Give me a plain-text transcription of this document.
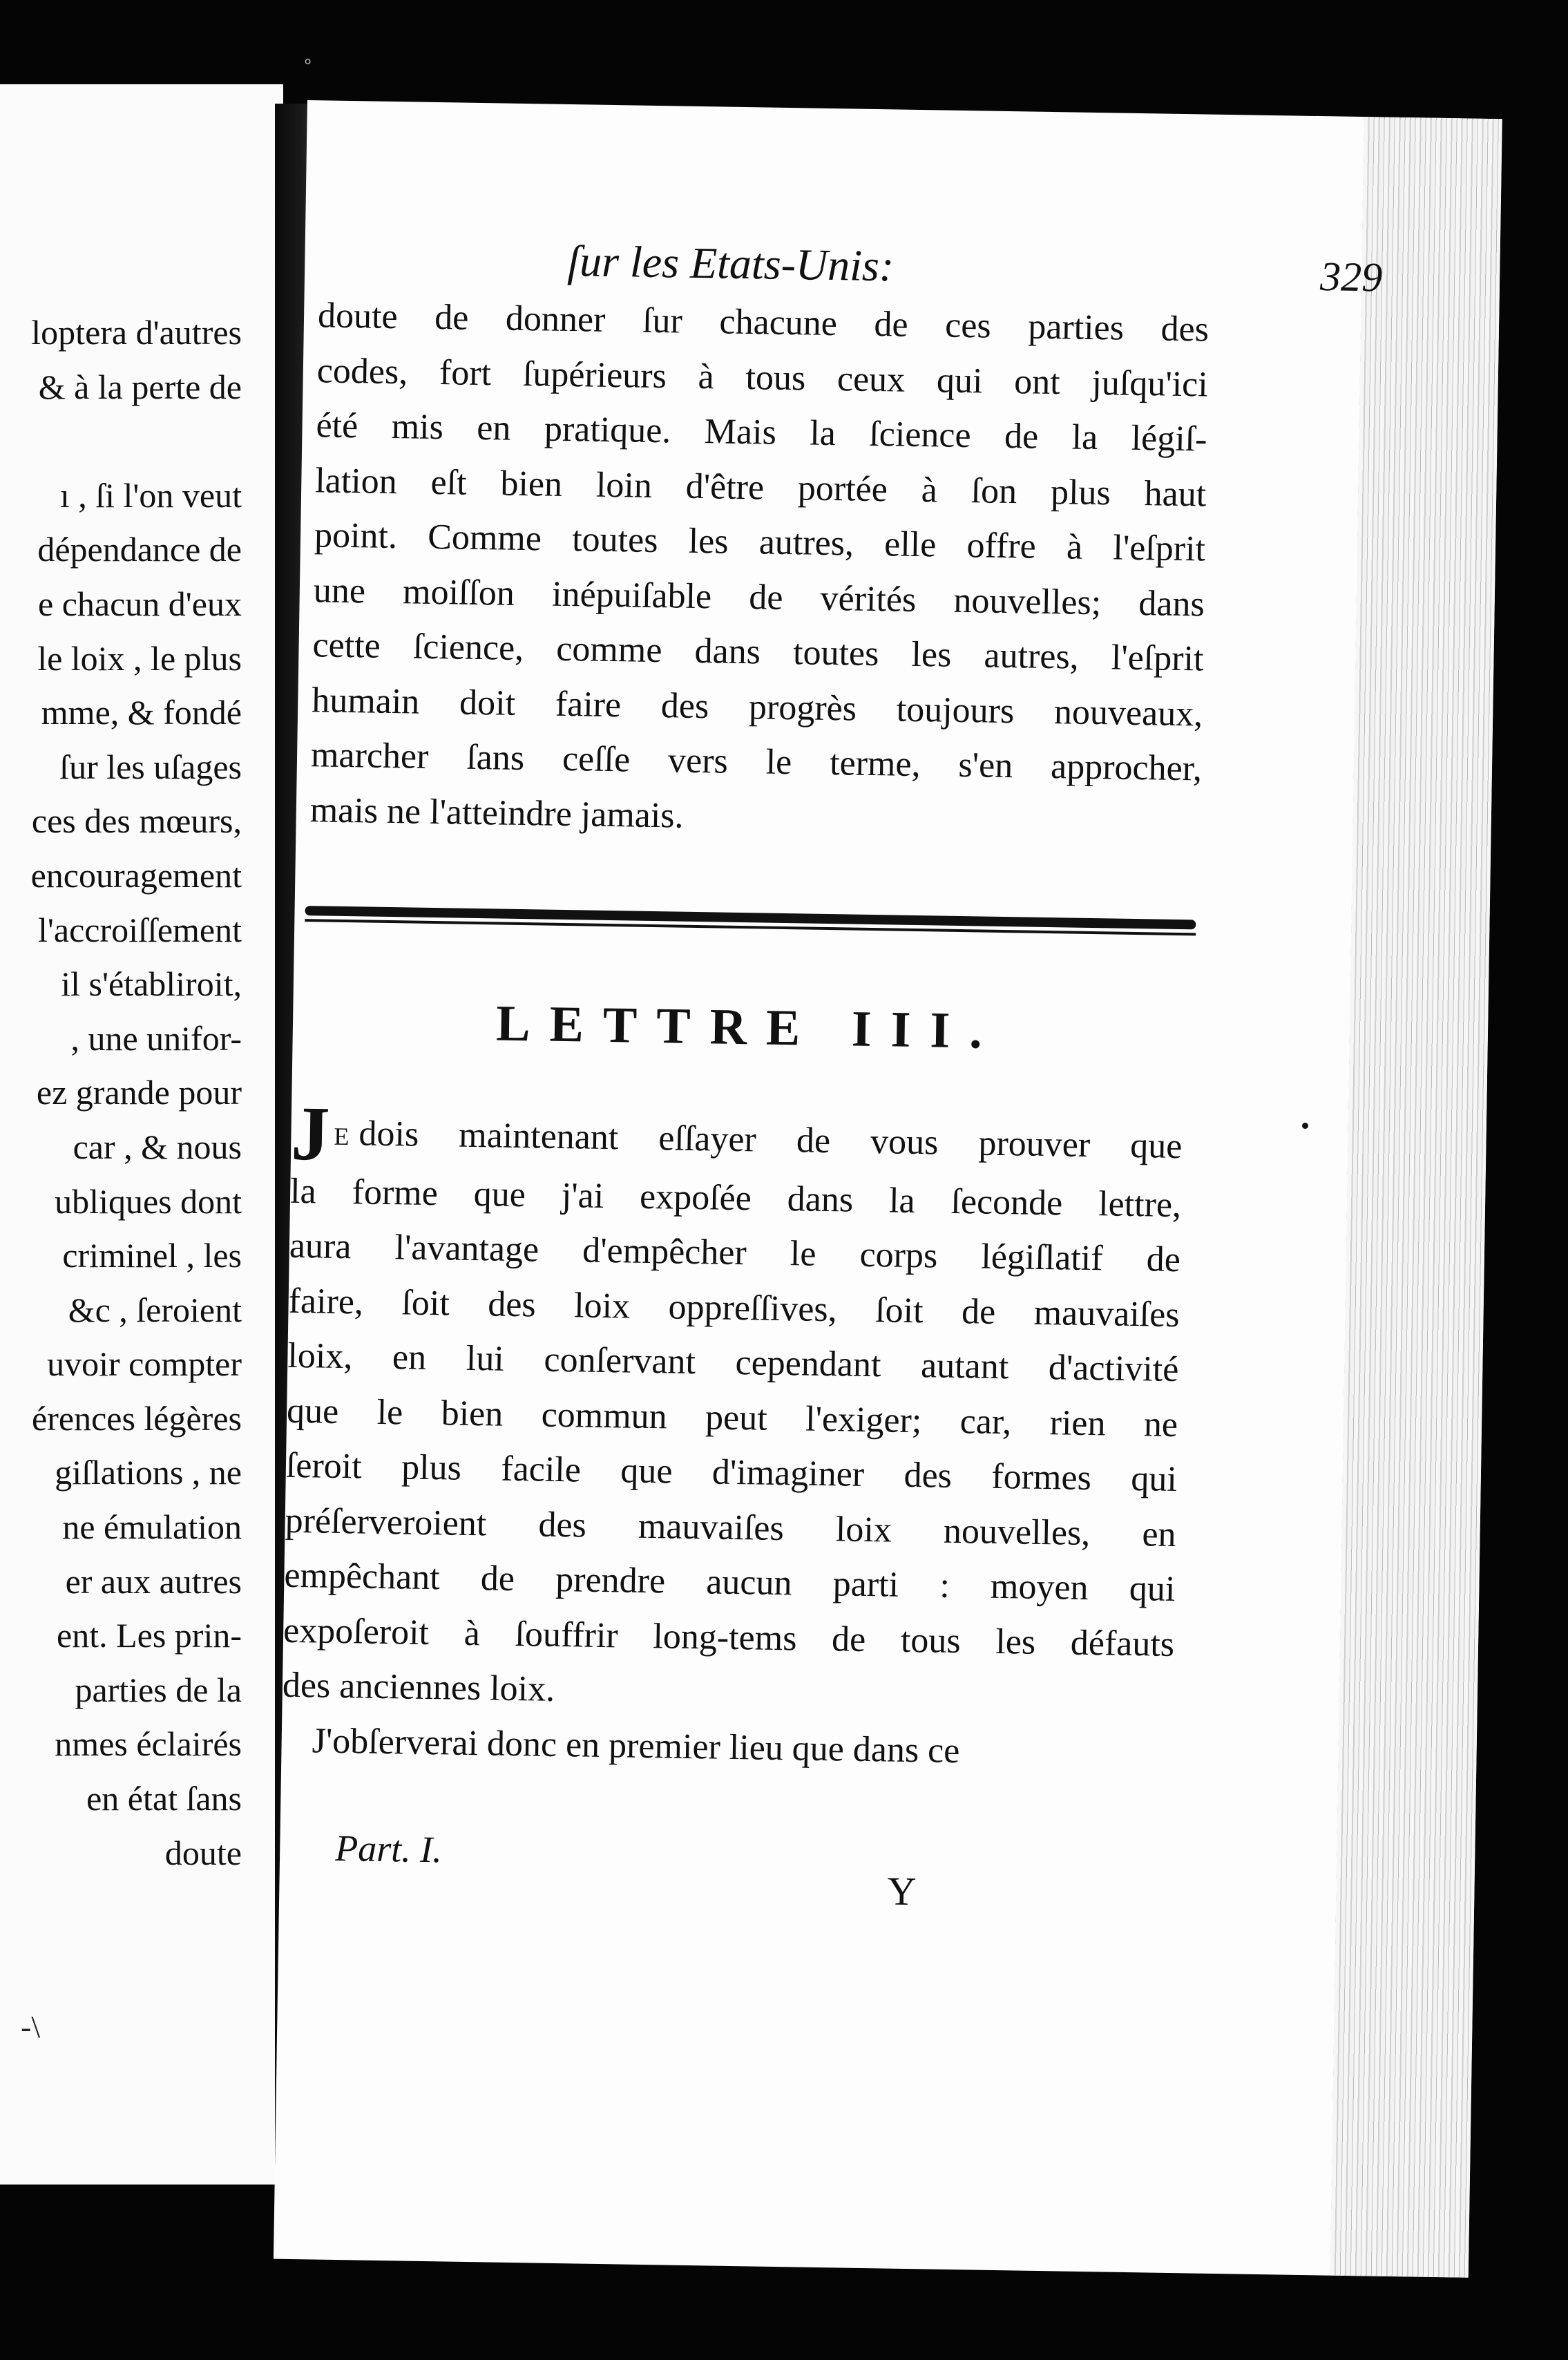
◦
loptera d'autres
& à la perte de

ı , ſi l'on veut
dépendance de
e chacun d'eux
le loix , le plus
mme, & fondé
ſur les uſages
ces des mœurs,
encouragement
l'accroiſſement
il s'établiroit,
, une unifor-
ez grande pour
car , & nous
ubliques dont
criminel , les
&c , ſeroient
uvoir compter
érences légères
giſlations , ne
ne émulation
er aux autres
ent. Les prin-
parties de la
nmes éclairés
en état ſans
doute
-\
ſur les Etats-Unis:	329
doute de donner ſur chacune de ces parties des
codes, fort ſupérieurs à tous ceux qui ont juſqu'ici
été mis en pratique. Mais la ſcience de la légiſ-
lation eſt bien loin d'être portée à ſon plus haut
point. Comme toutes les autres, elle offre à l'eſprit
une moiſſon inépuiſable de vérités nouvelles; dans
cette ſcience, comme dans toutes les autres, l'eſprit
humain doit faire des progrès toujours nouveaux,
marcher ſans ceſſe vers le terme, s'en approcher,
mais ne l'atteindre jamais.
LETTRE III.
J E dois maintenant eſſayer de vous prouver que
la forme que j'ai expoſée dans la ſeconde lettre,
aura l'avantage d'empêcher le corps légiſlatif de
faire, ſoit des loix oppreſſives, ſoit de mauvaiſes
loix, en lui conſervant cependant autant d'activité
que le bien commun peut l'exiger; car, rien ne
ſeroit plus facile que d'imaginer des formes qui
préſerveroient des mauvaiſes loix nouvelles, en
empêchant de prendre aucun parti : moyen qui
expoſeroit à ſouffrir long-tems de tous les défauts
des anciennes loix.
J'obſerverai donc en premier lieu que dans ce
Part. I.
Y
